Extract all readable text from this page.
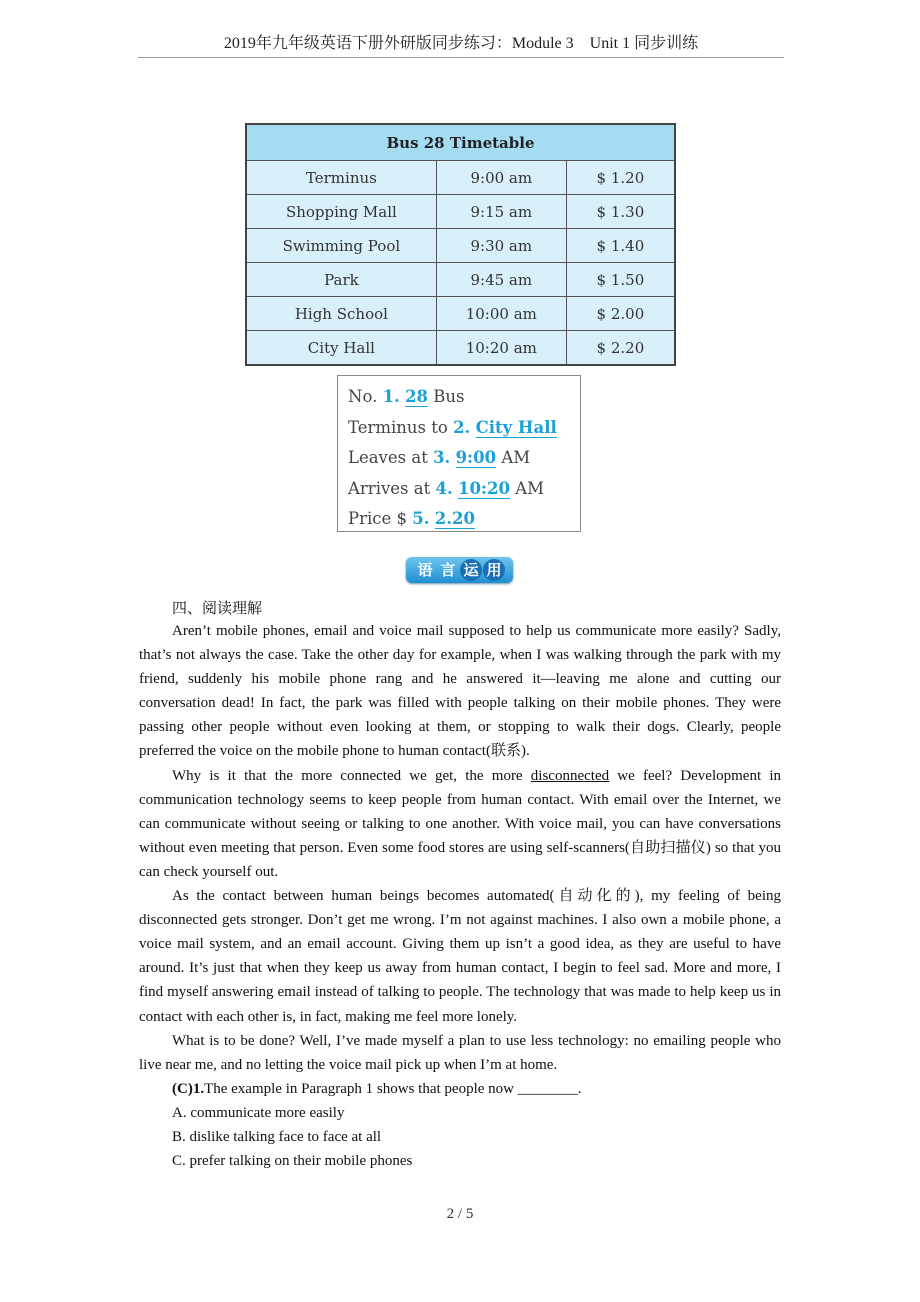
2019年九年级英语下册外研版同步练习：Module 3　Unit 1 同步训练
Bus 28 Timetable		
Terminus	9:00 am	$ 1.20
Shopping Mall	9:15 am	$ 1.30
Swimming Pool	9:30 am	$ 1.40
Park	9:45 am	$ 1.50
High School	10:00 am	$ 2.00
City Hall	10:20 am	$ 2.20
No. 1. 28 Bus
Terminus to 2. City Hall
Leaves at 3. 9:00 AM
Arrives at 4. 10:20 AM
Price $ 5. 2.20
语 言 运 用
四、阅读理解

Aren’t mobile phones, email and voice mail supposed to help us communicate more easily? Sadly, that’s not always the case. Take the other day for example, when I was walking through the park with my friend, suddenly his mobile phone rang and he answered it—leaving me alone and cutting our conversation dead! In fact, the park was filled with people talking on their mobile phones. They were passing other people without even looking at them, or stopping to walk their dogs. Clearly, people preferred the voice on the mobile phone to human contact(联系).

Why is it that the more connected we get, the more disconnected we feel? Development in communication technology seems to keep people from human contact. With email over the Internet, we can communicate without seeing or talking to one another. With voice mail, you can have conversations without even meeting that person. Even some food stores are using self-scanners(自助扫描仪) so that you can check yourself out.

As the contact between human beings becomes automated(自动化的), my feeling of being disconnected gets stronger. Don’t get me wrong. I’m not against machines. I also own a mobile phone, a voice mail system, and an email account. Giving them up isn’t a good idea, as they are useful to have around. It’s just that when they keep us away from human contact, I begin to feel sad. More and more, I find myself answering email instead of talking to people. The technology that was made to help keep us in contact with each other is, in fact, making me feel more lonely.

What is to be done? Well, I’ve made myself a plan to use less technology: no emailing people who live near me, and no letting the voice mail pick up when I’m at home.

(C)1.The example in Paragraph 1 shows that people now ________.
A. communicate more easily
B. dislike talking face to face at all
C. prefer talking on their mobile phones
2 / 5
